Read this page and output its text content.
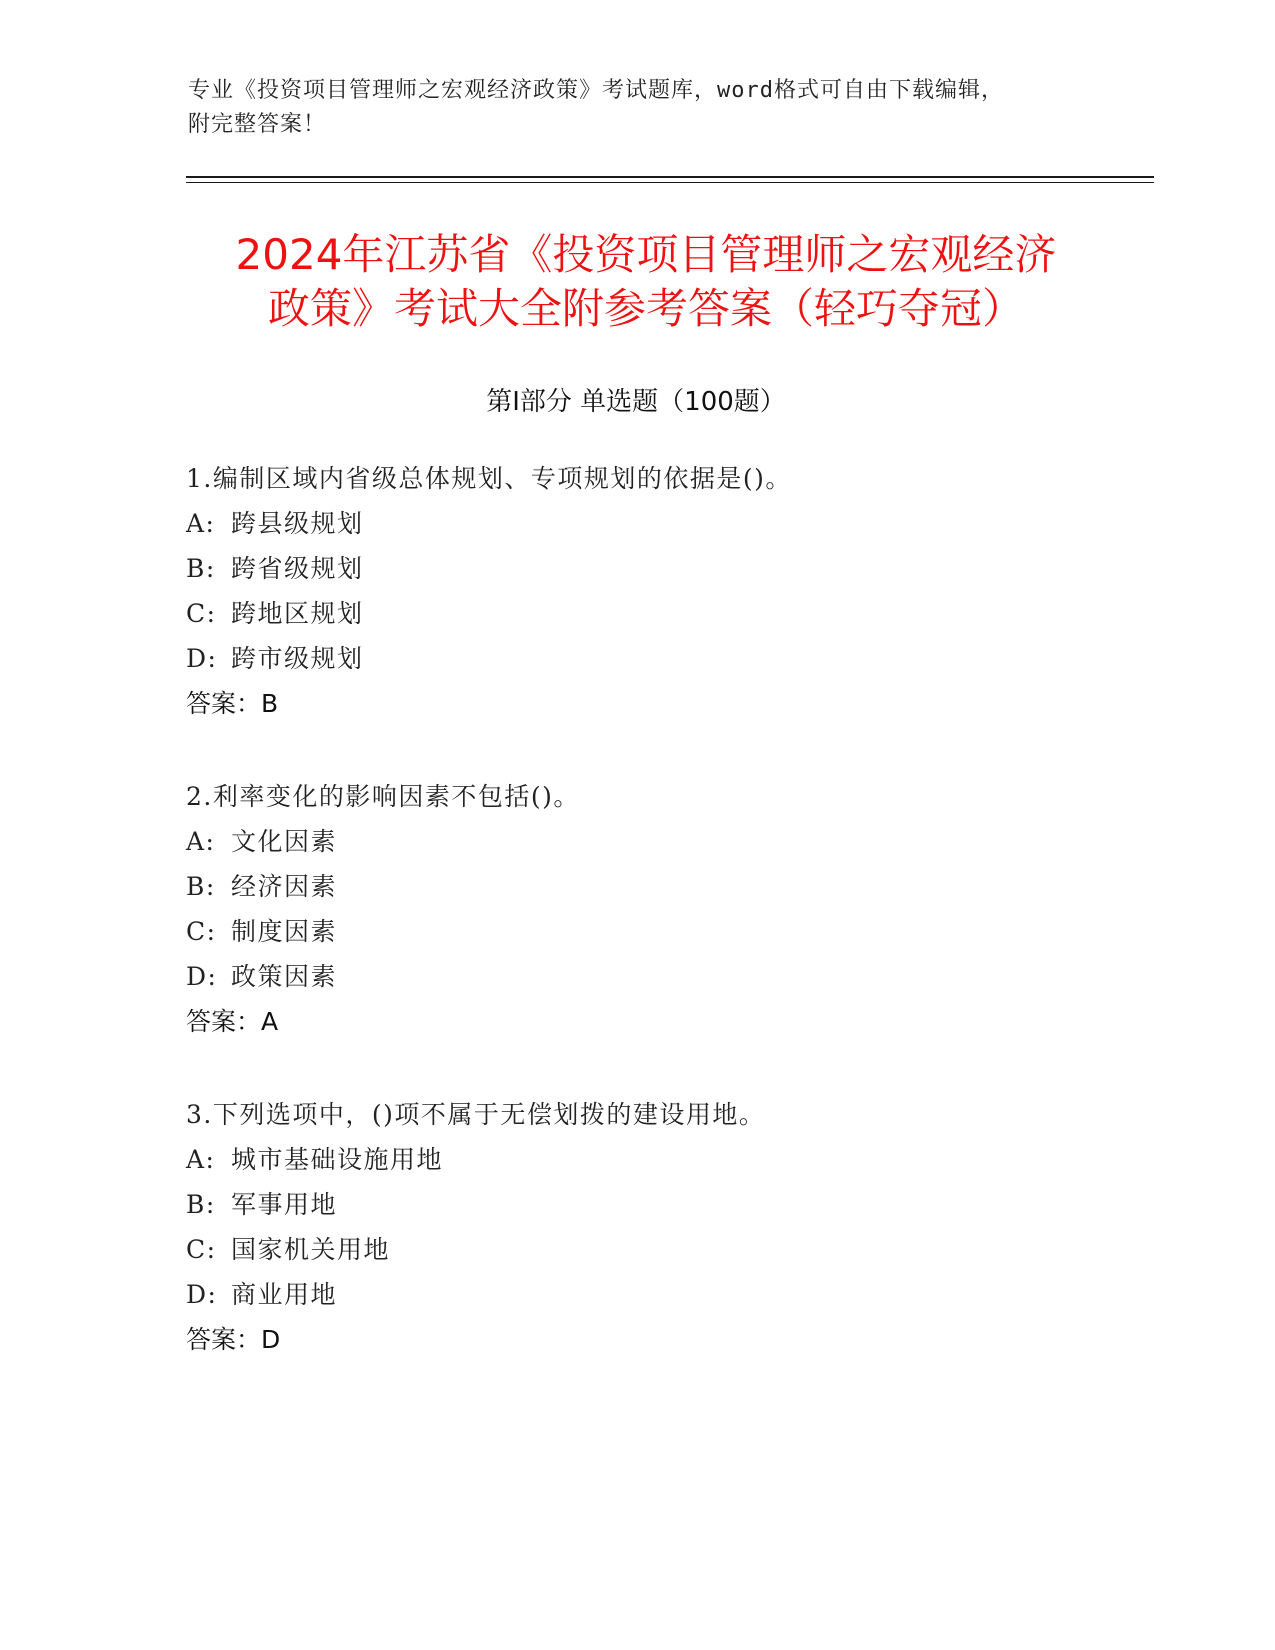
专业《投资项目管理师之宏观经济政策》考试题库，word格式可自由下载编辑，
附完整答案！
2024年江苏省《投资项目管理师之宏观经济
政策》考试大全附参考答案（轻巧夺冠）
第Ⅰ部分 单选题（100题）
1.编制区域内省级总体规划、专项规划的依据是()。
A: 跨县级规划
B: 跨省级规划
C: 跨地区规划
D: 跨市级规划
答案：B
2.利率变化的影响因素不包括()。
A: 文化因素
B: 经济因素
C: 制度因素
D: 政策因素
答案：A
3.下列选项中，()项不属于无偿划拨的建设用地。
A: 城市基础设施用地
B: 军事用地
C: 国家机关用地
D: 商业用地
答案：D
